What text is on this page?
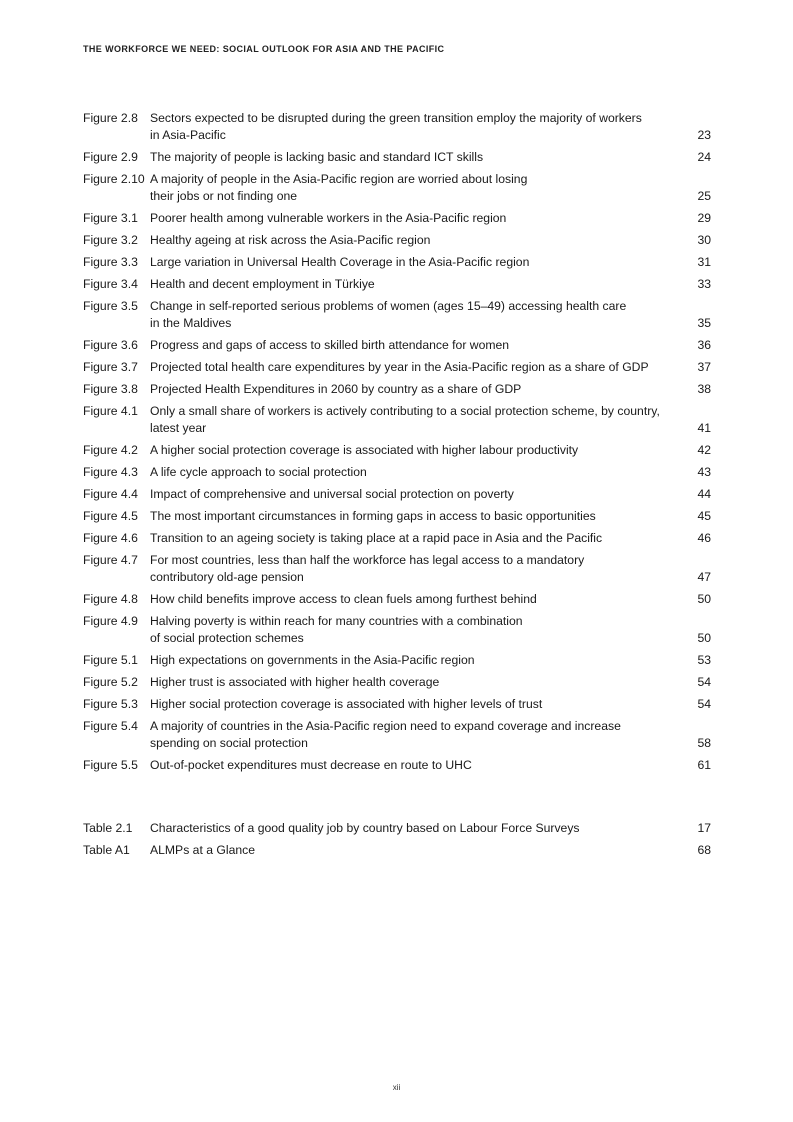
THE WORKFORCE WE NEED: SOCIAL OUTLOOK FOR ASIA AND THE PACIFIC
Figure 2.8 Sectors expected to be disrupted during the green transition employ the majority of workers
in Asia-Pacific	23
Figure 2.9 The majority of people is lacking basic and standard ICT skills	24
Figure 2.10 A majority of people in the Asia-Pacific region are worried about losing
their jobs or not finding one	25
Figure 3.1 Poorer health among vulnerable workers in the Asia-Pacific region	29
Figure 3.2 Healthy ageing at risk across the Asia-Pacific region	30
Figure 3.3 Large variation in Universal Health Coverage in the Asia-Pacific region	31
Figure 3.4 Health and decent employment in Türkiye	33
Figure 3.5 Change in self-reported serious problems of women (ages 15–49) accessing health care
in the Maldives	35
Figure 3.6 Progress and gaps of access to skilled birth attendance for women	36
Figure 3.7 Projected total health care expenditures by year in the Asia-Pacific region as a share of GDP	37
Figure 3.8 Projected Health Expenditures in 2060 by country as a share of GDP	38
Figure 4.1 Only a small share of workers is actively contributing to a social protection scheme, by country,
latest year	41
Figure 4.2 A higher social protection coverage is associated with higher labour productivity	42
Figure 4.3 A life cycle approach to social protection	43
Figure 4.4 Impact of comprehensive and universal social protection on poverty	44
Figure 4.5 The most important circumstances in forming gaps in access to basic opportunities	45
Figure 4.6 Transition to an ageing society is taking place at a rapid pace in Asia and the Pacific	46
Figure 4.7 For most countries, less than half the workforce has legal access to a mandatory
contributory old-age pension	47
Figure 4.8 How child benefits improve access to clean fuels among furthest behind	50
Figure 4.9 Halving poverty is within reach for many countries with a combination
of social protection schemes	50
Figure 5.1 High expectations on governments in the Asia-Pacific region	53
Figure 5.2 Higher trust is associated with higher health coverage	54
Figure 5.3 Higher social protection coverage is associated with higher levels of trust	54
Figure 5.4 A majority of countries in the Asia-Pacific region need to expand coverage and increase
spending on social protection	58
Figure 5.5 Out-of-pocket expenditures must decrease en route to UHC	61
Table 2.1	Characteristics of a good quality job by country based on Labour Force Surveys	17
Table A1	ALMPs at a Glance	68
xii
